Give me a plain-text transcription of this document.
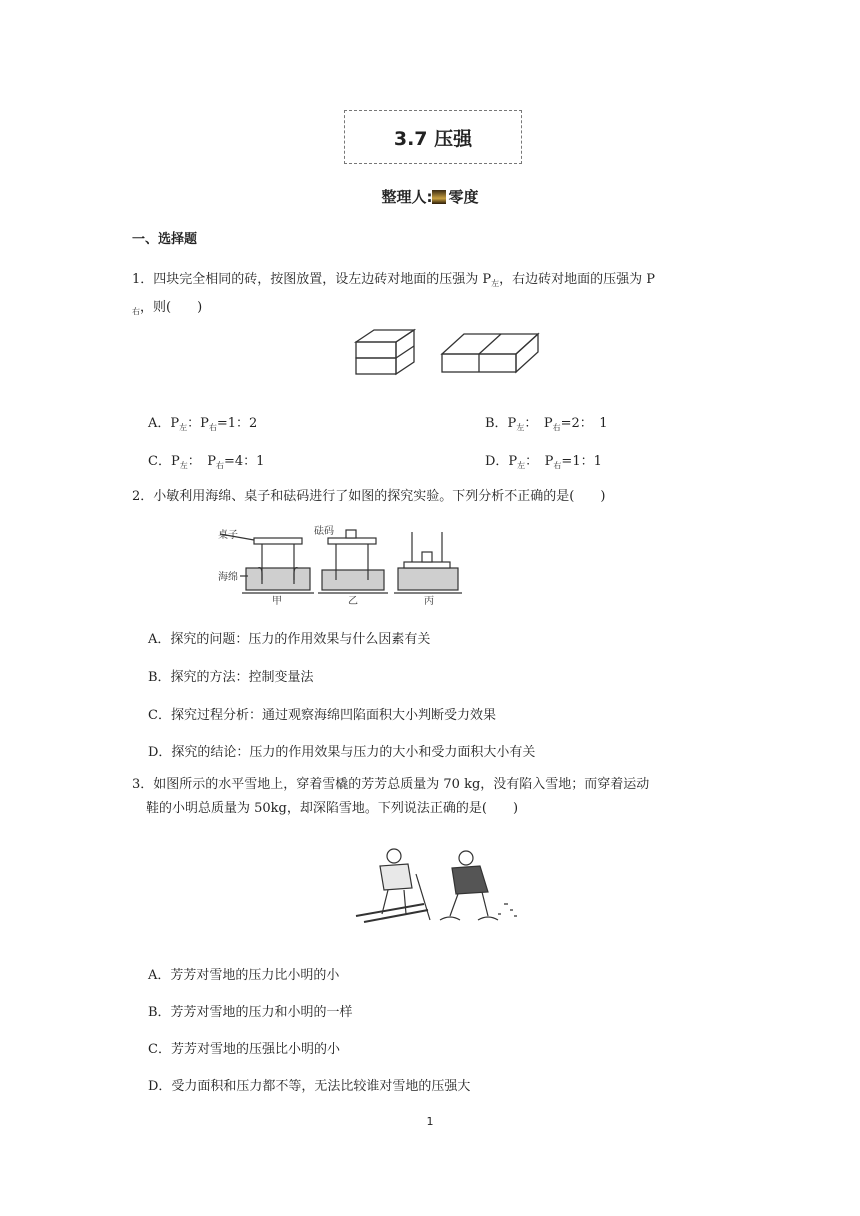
3.7 压强
整理人: 零度
一、选择题
1．四块完全相同的砖，按图放置，设左边砖对地面的压强为 $P_左$，右边砖对地面的压强为 P
$_右$，则(　　)
A．$P_左$：$P_右=1$：2	B．$P_左$：　$P_右=2$：　1
C．$P_左$：　$P_右=4$：1	D．$P_左$：　$P_右=1$：1
2．小敏利用海绵、桌子和砝码进行了如图的探究实验。下列分析不正确的是(　　)
桌子	砝码
海绵
甲	乙	丙
A．探究的问题：压力的作用效果与什么因素有关
B．探究的方法：控制变量法
C．探究过程分析：通过观察海绵凹陷面积大小判断受力效果
D．探究的结论：压力的作用效果与压力的大小和受力面积大小有关
3．如图所示的水平雪地上，穿着雪橇的芳芳总质量为 70 kg，没有陷入雪地；而穿着运动
鞋的小明总质量为 50kg，却深陷雪地。下列说法正确的是(　　)
A．芳芳对雪地的压力比小明的小
B．芳芳对雪地的压力和小明的一样
C．芳芳对雪地的压强比小明的小
D．受力面积和压力都不等，无法比较谁对雪地的压强大
1
